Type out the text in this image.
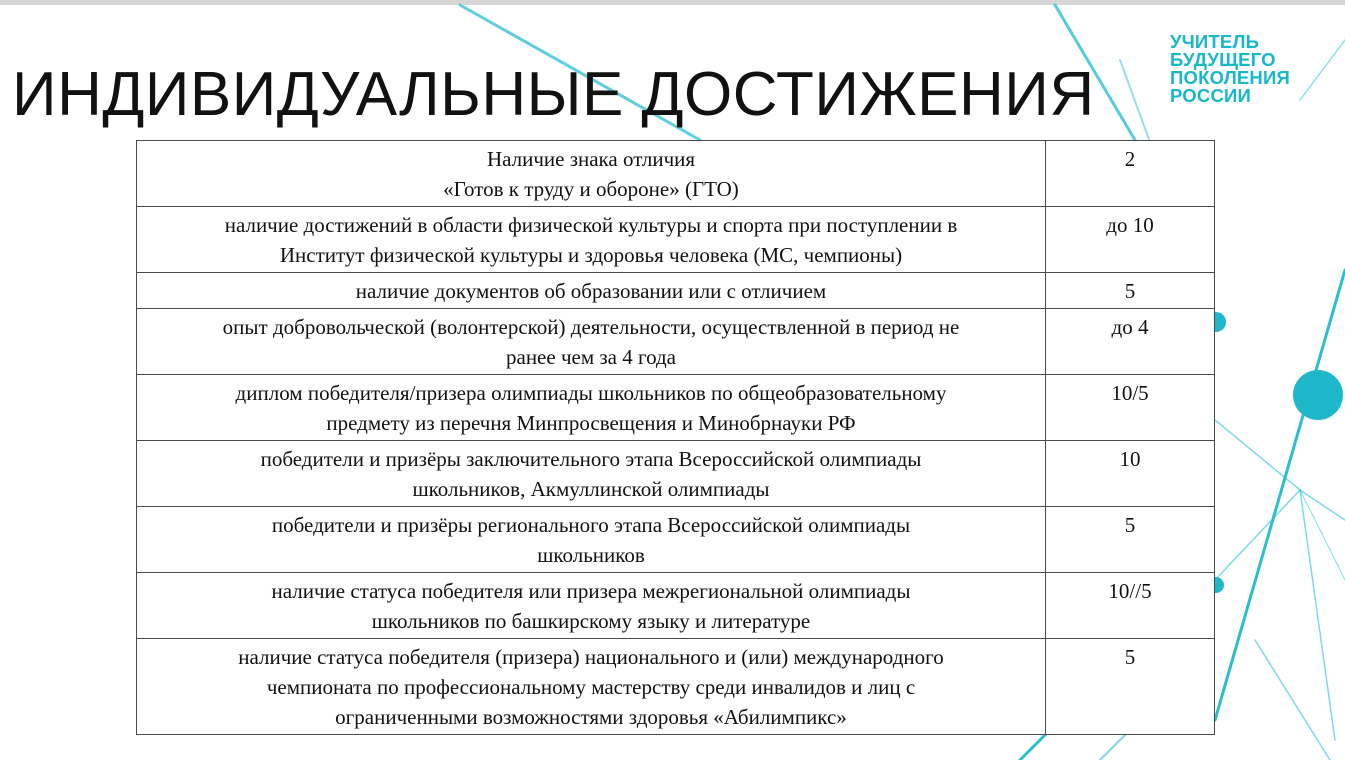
ИНДИВИДУАЛЬНЫЕ ДОСТИЖЕНИЯ
УЧИТЕЛЬ
БУДУЩЕГО
ПОКОЛЕНИЯ
РОССИИ
Наличие знака отличия
«Готов к труду и обороне» (ГТО)	2

наличие достижений в области физической культуры и спорта при поступлении в
Институт физической культуры и здоровья человека (МС, чемпионы)	до 10

наличие документов об образовании или с отличием	5

опыт добровольческой (волонтерской) деятельности, осуществленной в период не
ранее чем за 4 года	до 4

диплом победителя/призера олимпиады школьников по общеобразовательному
предмету из перечня Минпросвещения и Минобрнауки РФ	10/5

победители и призёры заключительного этапа Всероссийской олимпиады
школьников, Акмуллинской олимпиады	10

победители и призёры регионального этапа Всероссийской олимпиады
школьников	5

наличие статуса победителя или призера межрегиональной олимпиады
школьников по башкирскому языку и литературе	10//5

наличие статуса победителя (призера) национального и (или) международного
чемпионата по профессиональному мастерству среди инвалидов и лиц с
ограниченными возможностями здоровья «Абилимпикс»	5
